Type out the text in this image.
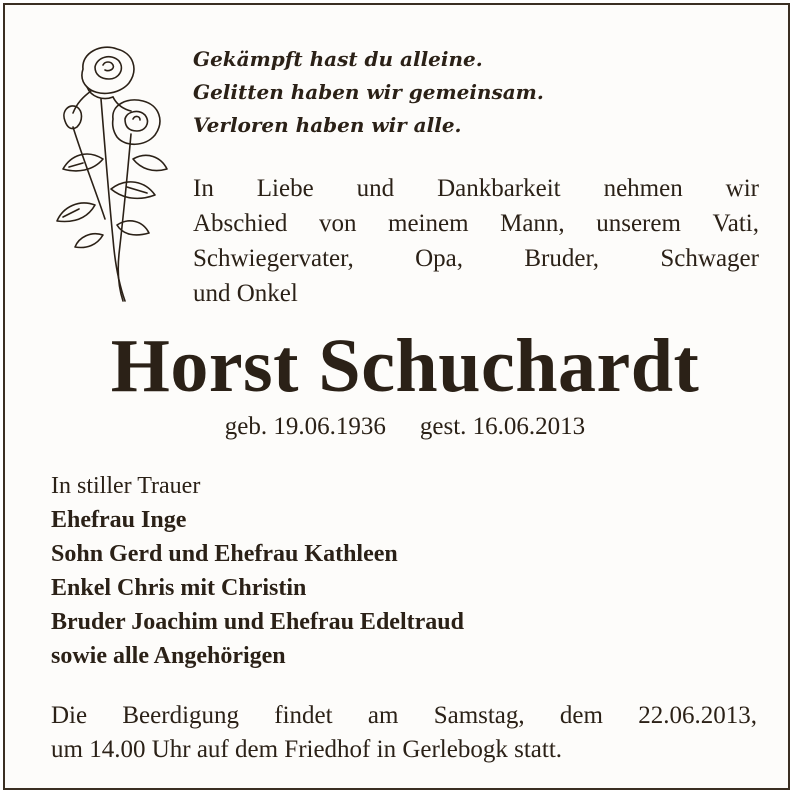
Gekämpft hast du alleine.
Gelitten haben wir gemeinsam.
Verloren haben wir alle.
In Liebe und Dankbarkeit nehmen wir
Abschied von meinem Mann, unserem Vati,
Schwiegervater, Opa, Bruder, Schwager
und Onkel
Horst Schuchardt
geb. 19.06.1936 gest. 16.06.2013
In stiller Trauer
Ehefrau Inge
Sohn Gerd und Ehefrau Kathleen
Enkel Chris mit Christin
Bruder Joachim und Ehefrau Edeltraud
sowie alle Angehörigen
Die Beerdigung findet am Samstag, dem 22.06.2013,
um 14.00 Uhr auf dem Friedhof in Gerlebogk statt.
